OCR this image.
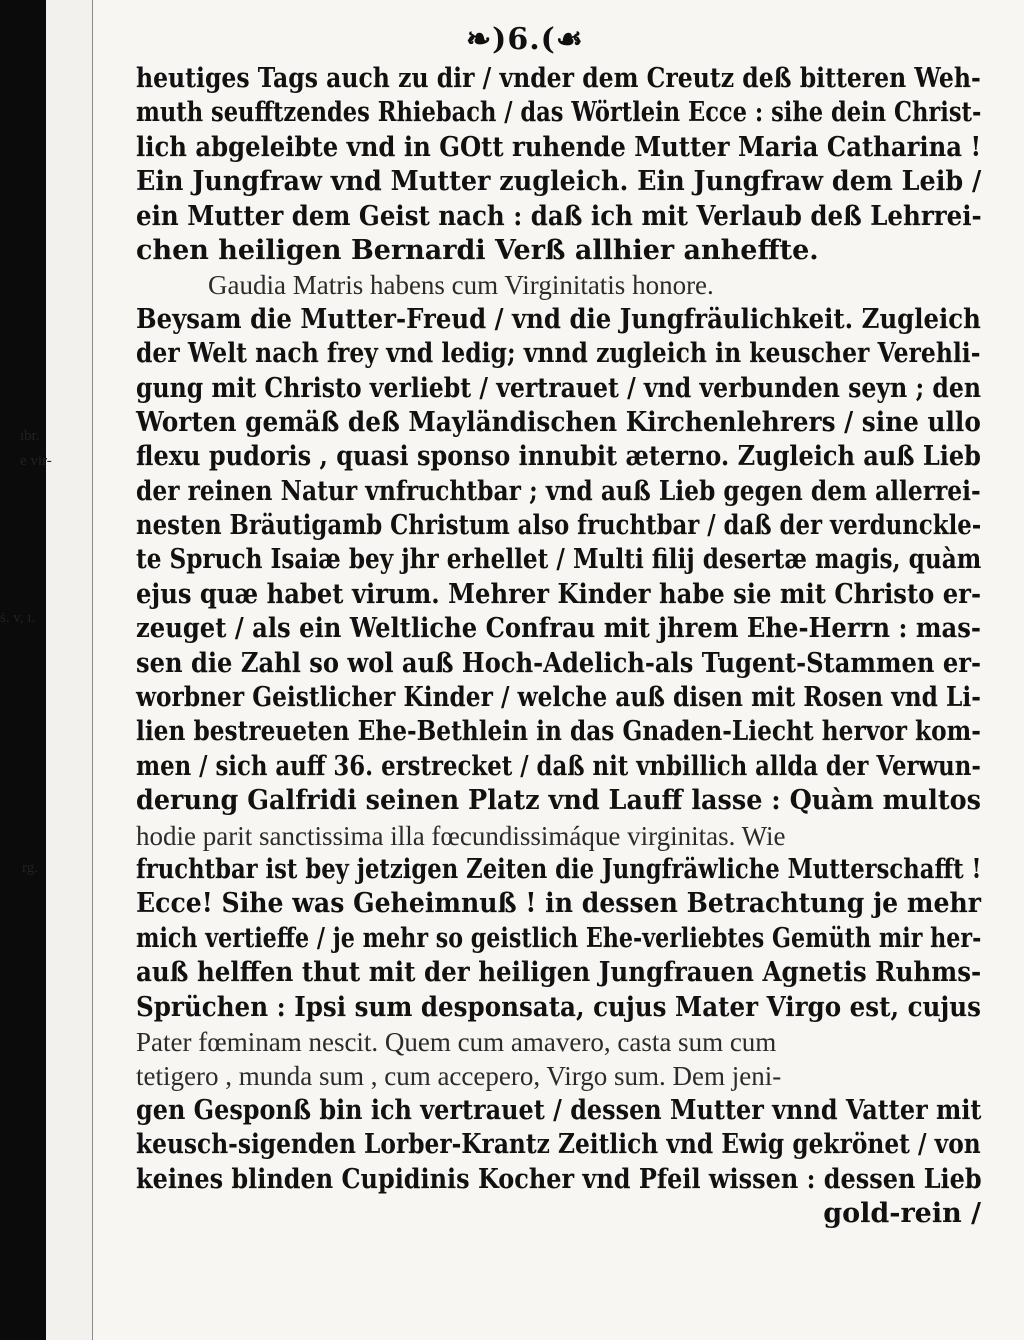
❧)6.(☙
ıbr.
e vir-
ṡ. v, ı.
rg.
heutiges Tags auch zu dir / vnder dem Creutz deß bitteren Weh-
muth seufftzendes Rhiebach / das Wörtlein Ecce : sihe dein Christ-
lich abgeleibte vnd in GOtt ruhende Mutter Maria Catharina !
Ein Jungfraw vnd Mutter zugleich. Ein Jungfraw dem Leib /
ein Mutter dem Geist nach : daß ich mit Verlaub deß Lehrrei-
chen heiligen Bernardi Verß allhier anheffte.
Gaudia Matris habens cum Virginitatis honore.
Beysam die Mutter-Freud / vnd die Jungfräulichkeit. Zugleich
der Welt nach frey vnd ledig; vnnd zugleich in keuscher Verehli-
gung mit Christo verliebt / vertrauet / vnd verbunden seyn ; den
Worten gemäß deß Mayländischen Kirchenlehrers / sine ullo
flexu pudoris , quasi sponso innubit æterno. Zugleich auß Lieb
der reinen Natur vnfruchtbar ; vnd auß Lieb gegen dem allerrei-
nesten Bräutigamb Christum also fruchtbar / daß der verdunckle-
te Spruch Isaiæ bey jhr erhellet / Multi filij desertæ magis, quàm
ejus quæ habet virum. Mehrer Kinder habe sie mit Christo er-
zeuget / als ein Weltliche Confrau mit jhrem Ehe-Herrn : mas-
sen die Zahl so wol auß Hoch-Adelich-als Tugent-Stammen er-
worbner Geistlicher Kinder / welche auß disen mit Rosen vnd Li-
lien bestreueten Ehe-Bethlein in das Gnaden-Liecht hervor kom-
men / sich auff 36. erstrecket / daß nit vnbillich allda der Verwun-
derung Galfridi seinen Platz vnd Lauff lasse : Quàm multos
hodie parit sanctissima illa fœcundissimáque virginitas. Wie
fruchtbar ist bey jetzigen Zeiten die Jungfräwliche Mutterschafft !
Ecce! Sihe was Geheimnuß ! in dessen Betrachtung je mehr
mich vertieffe / je mehr so geistlich Ehe-verliebtes Gemüth mir her-
auß helffen thut mit der heiligen Jungfrauen Agnetis Ruhms-
Sprüchen : Ipsi sum desponsata, cujus Mater Virgo est, cujus
Pater fœminam nescit. Quem cum amavero, casta sum cum
tetigero , munda sum , cum accepero, Virgo sum. Dem jeni-
gen Gesponß bin ich vertrauet / dessen Mutter vnnd Vatter mit
keusch-sigenden Lorber-Krantz Zeitlich vnd Ewig gekrönet / von
keines blinden Cupidinis Kocher vnd Pfeil wissen : dessen Lieb
gold-rein /
